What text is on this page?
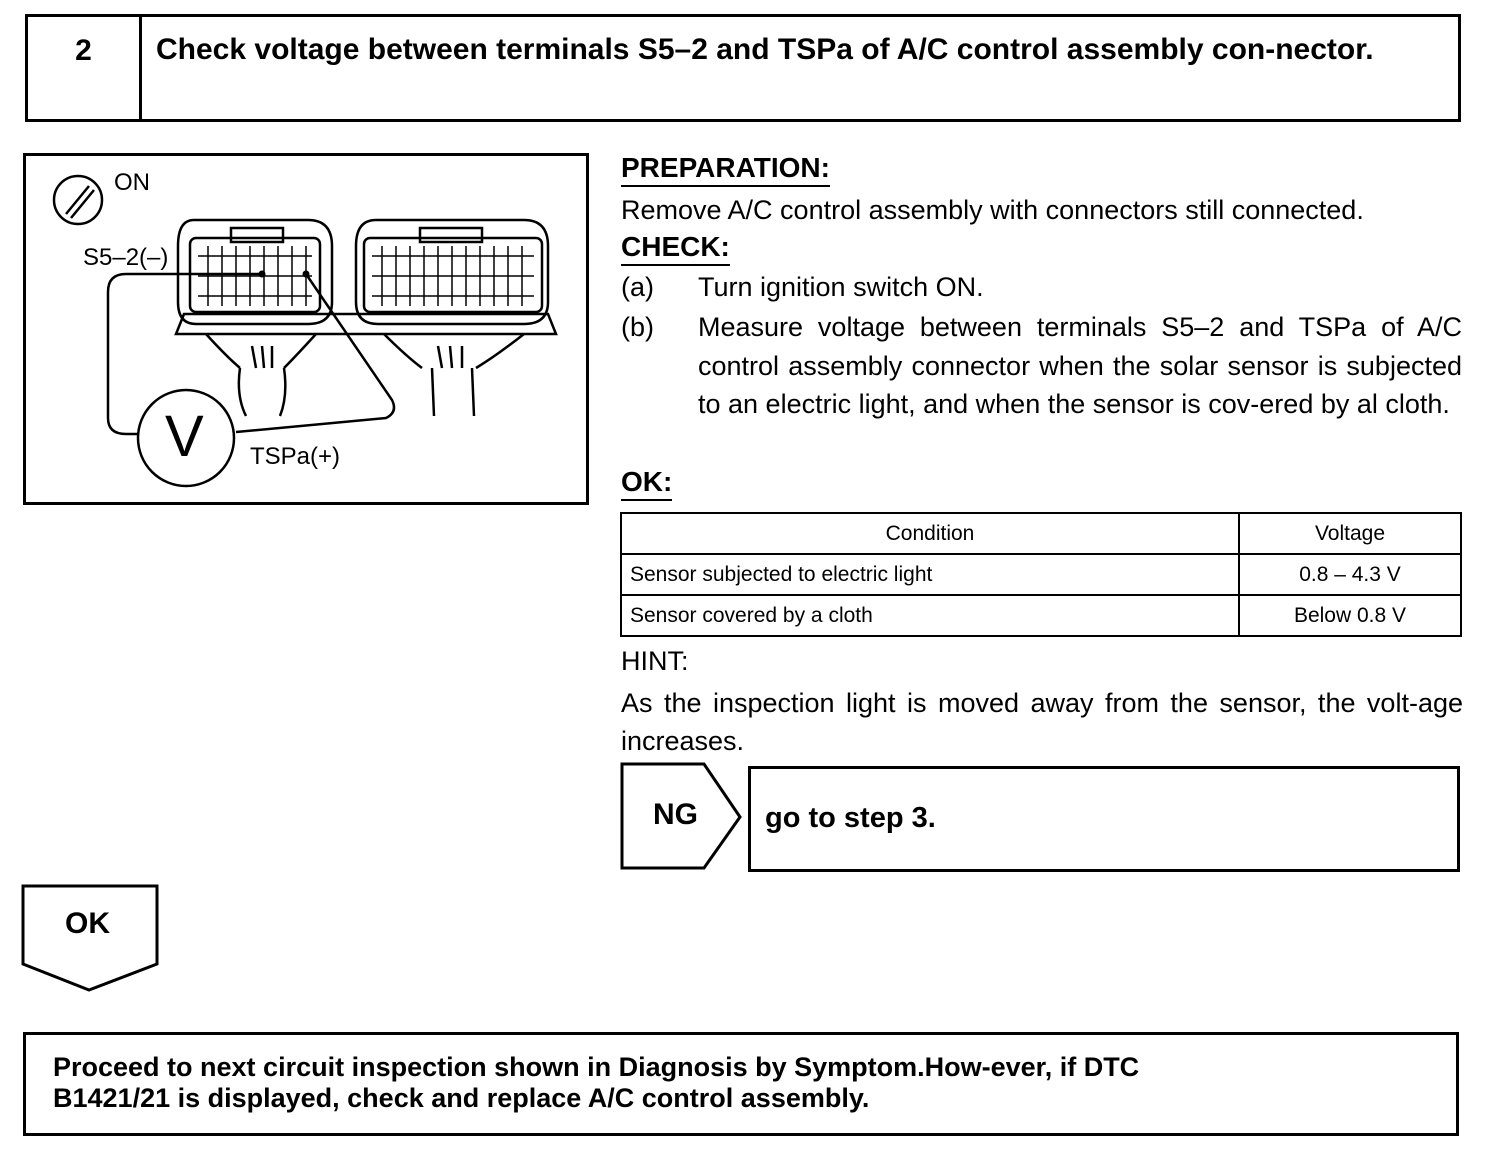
2	Check voltage between terminals S5–2 and TSPa of A/C control assembly con-nector.
ON
S5–2(–)
TSPa(+)
V
PREPARATION:
Remove A/C control assembly with connectors still connected.
CHECK:
(a) Turn ignition switch ON.
(b) Measure voltage between terminals S5–2 and TSPa of A/C control assembly connector when the solar sensor is subjected to an electric light, and when the sensor is cov-ered by al cloth.
OK:
Condition	Voltage
Sensor subjected to electric light	0.8 – 4.3 V
Sensor covered by a cloth	Below 0.8 V
HINT:
As the inspection light is moved away from the sensor, the volt-age increases.
NG go to step 3.
OK
Proceed to next circuit inspection shown in Diagnosis by Symptom.How-ever, if DTC B1421/21 is displayed, check and replace A/C control assembly.
